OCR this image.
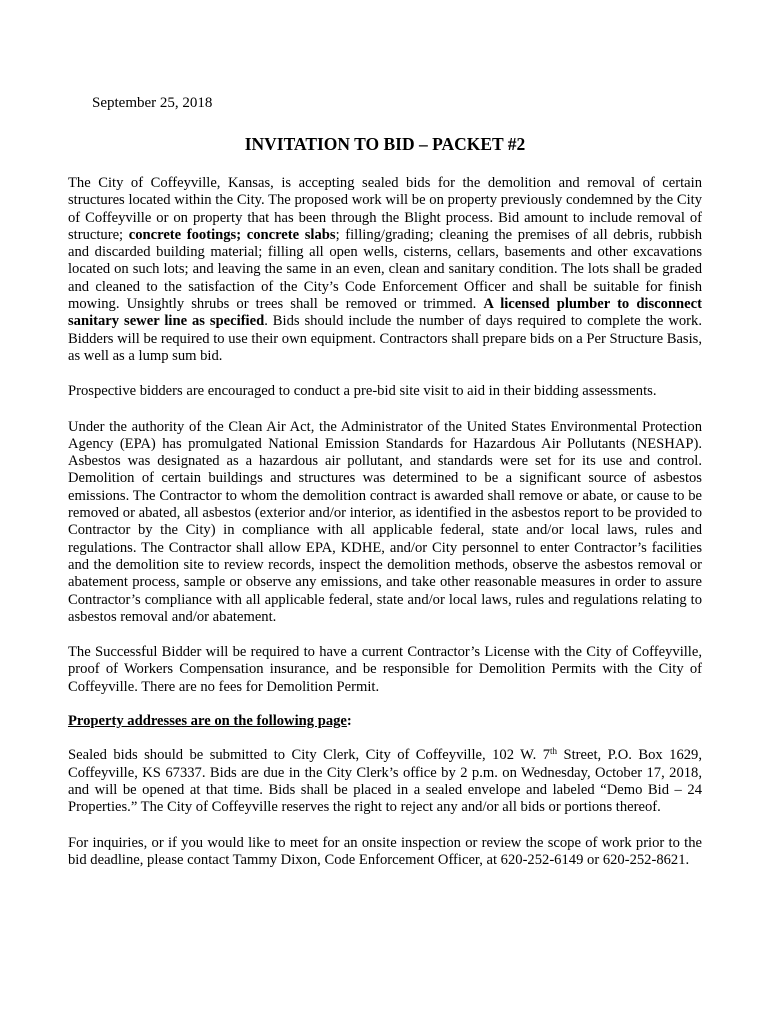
September 25, 2018
INVITATION TO BID – PACKET #2

The City of Coffeyville, Kansas, is accepting sealed bids for the demolition and removal of certain structures located within the City. The proposed work will be on property previously condemned by the City of Coffeyville or on property that has been through the Blight process. Bid amount to include removal of structure; concrete footings; concrete slabs; filling/grading; cleaning the premises of all debris, rubbish and discarded building material; filling all open wells, cisterns, cellars, basements and other excavations located on such lots; and leaving the same in an even, clean and sanitary condition. The lots shall be graded and cleaned to the satisfaction of the City’s Code Enforcement Officer and shall be suitable for finish mowing. Unsightly shrubs or trees shall be removed or trimmed. A licensed plumber to disconnect sanitary sewer line as specified. Bids should include the number of days required to complete the work. Bidders will be required to use their own equipment. Contractors shall prepare bids on a Per Structure Basis, as well as a lump sum bid.

Prospective bidders are encouraged to conduct a pre-bid site visit to aid in their bidding assessments.

Under the authority of the Clean Air Act, the Administrator of the United States Environmental Protection Agency (EPA) has promulgated National Emission Standards for Hazardous Air Pollutants (NESHAP). Asbestos was designated as a hazardous air pollutant, and standards were set for its use and control. Demolition of certain buildings and structures was determined to be a significant source of asbestos emissions. The Contractor to whom the demolition contract is awarded shall remove or abate, or cause to be removed or abated, all asbestos (exterior and/or interior, as identified in the asbestos report to be provided to Contractor by the City) in compliance with all applicable federal, state and/or local laws, rules and regulations. The Contractor shall allow EPA, KDHE, and/or City personnel to enter Contractor’s facilities and the demolition site to review records, inspect the demolition methods, observe the asbestos removal or abatement process, sample or observe any emissions, and take other reasonable measures in order to assure Contractor’s compliance with all applicable federal, state and/or local laws, rules and regulations relating to asbestos removal and/or abatement.

The Successful Bidder will be required to have a current Contractor’s License with the City of Coffeyville, proof of Workers Compensation insurance, and be responsible for Demolition Permits with the City of Coffeyville. There are no fees for Demolition Permit.

Property addresses are on the following page:

Sealed bids should be submitted to City Clerk, City of Coffeyville, 102 W. 7th Street, P.O. Box 1629, Coffeyville, KS 67337. Bids are due in the City Clerk’s office by 2 p.m. on Wednesday, October 17, 2018, and will be opened at that time. Bids shall be placed in a sealed envelope and labeled “Demo Bid – 24 Properties.” The City of Coffeyville reserves the right to reject any and/or all bids or portions thereof.

For inquiries, or if you would like to meet for an onsite inspection or review the scope of work prior to the bid deadline, please contact Tammy Dixon, Code Enforcement Officer, at 620-252-6149 or 620-252-8621.
